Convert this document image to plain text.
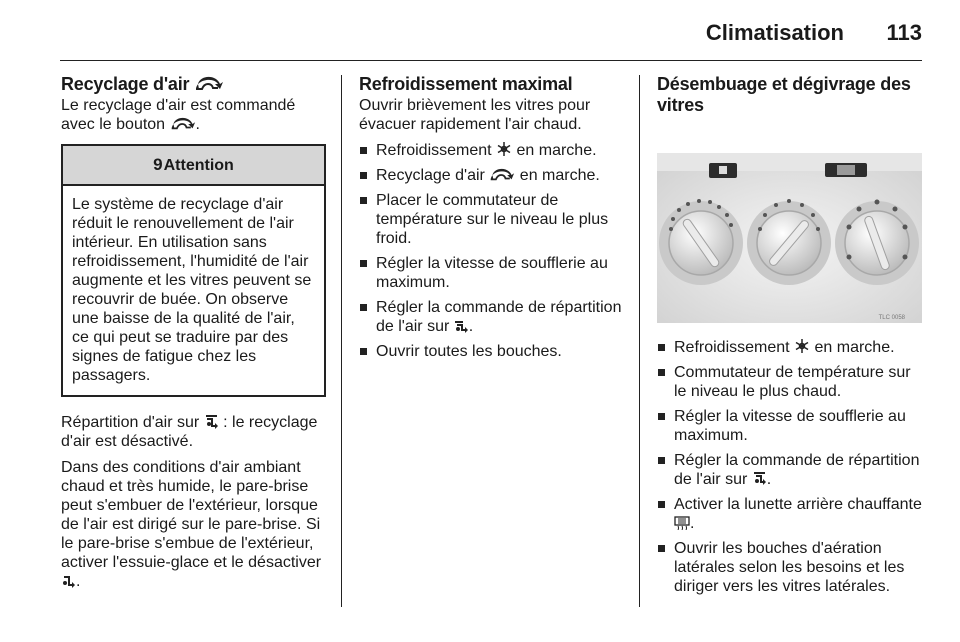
Climatisation 113
Recyclage d'air

Le recyclage d'air est commandé avec le bouton .

9Attention
Le système de recyclage d'air réduit le renouvellement de l'air intérieur. En utilisation sans refroidissement, l'humidité de l'air augmente et les vitres peuvent se recouvrir de buée. On observe une baisse de la qualité de l'air, ce qui peut se traduire par des signes de fatigue chez les passagers.

Répartition d'air sur  : le recyclage d'air est désactivé.

Dans des conditions d'air ambiant chaud et très humide, le pare-brise peut s'embuer de l'extérieur, lorsque de l'air est dirigé sur le pare-brise. Si le pare-brise s'embue de l'extérieur, activer l'essuie-glace et le désactiver .

Refroidissement maximal

Ouvrir brièvement les vitres pour évacuer rapidement l'air chaud.

Refroidissement  en marche.
Recyclage d'air  en marche.
Placer le commutateur de température sur le niveau le plus froid.
Régler la vitesse de soufflerie au maximum.
Régler la commande de répartition de l'air sur .
Ouvrir toutes les bouches.
Désembuage et dégivrage des vitres
TLC 0058
Refroidissement  en marche.
Commutateur de température sur le niveau le plus chaud.
Régler la vitesse de soufflerie au maximum.
Régler la commande de répartition de l'air sur .
Activer la lunette arrière chauffante .
Ouvrir les bouches d'aération latérales selon les besoins et les diriger vers les vitres latérales.
